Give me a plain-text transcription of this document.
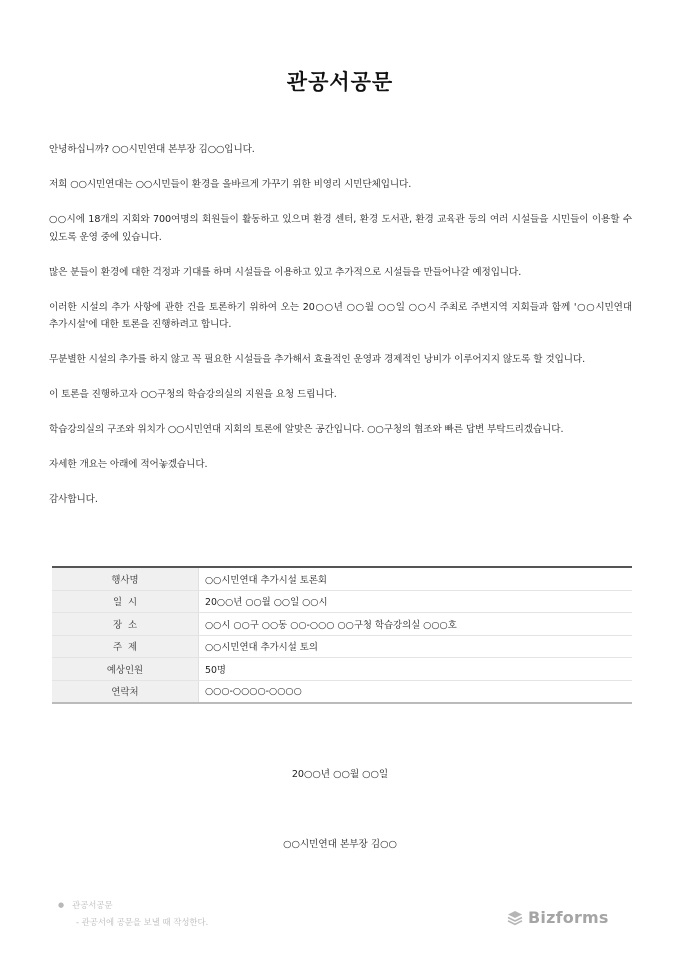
관공서공문

안녕하십니까? ○○시민연대 본부장 김○○입니다.

저희 ○○시민연대는 ○○시민들이 환경을 올바르게 가꾸기 위한 비영리 시민단체입니다.

○○시에 18개의 지회와 700여명의 회원들이 활동하고 있으며 환경 센터, 환경 도서관, 환경 교육관 등의 여러 시설들을 시민들이 이용할 수 있도록 운영 중에 있습니다.

많은 분들이 환경에 대한 걱정과 기대를 하며 시설들을 이용하고 있고 추가적으로 시설들을 만들어나갈 예정입니다.

이러한 시설의 추가 사항에 관한 건을 토론하기 위하여 오는 20○○년 ○○월 ○○일 ○○시 주최로 주변지역 지회들과 함께 '○○시민연대 추가시설'에 대한 토론을 진행하려고 합니다.

무분별한 시설의 추가를 하지 않고 꼭 필요한 시설들을 추가해서 효율적인 운영과 경제적인 낭비가 이루어지지 않도록 할 것입니다.

이 토론을 진행하고자 ○○구청의 학습강의실의 지원을 요청 드립니다.

학습강의실의 구조와 위치가 ○○시민연대 지회의 토론에 알맞은 공간입니다. ○○구청의 협조와 빠른 답변 부탁드리겠습니다.

자세한 개요는 아래에 적어놓겠습니다.

감사합니다.

행사명	○○시민연대 추가시설 토론회
일  시	20○○년 ○○월 ○○일 ○○시
장  소	○○시 ○○구 ○○동 ○○-○○○ ○○구청 학습강의실 ○○○호
주  제	○○시민연대 추가시설 토의
예상인원	50명
연락처	○○○-○○○○-○○○○
20○○년 ○○월 ○○일
○○시민연대 본부장 김○○
● 관공서공문
- 관공서에 공문을 보낼 때 작성한다.	Bizforms
